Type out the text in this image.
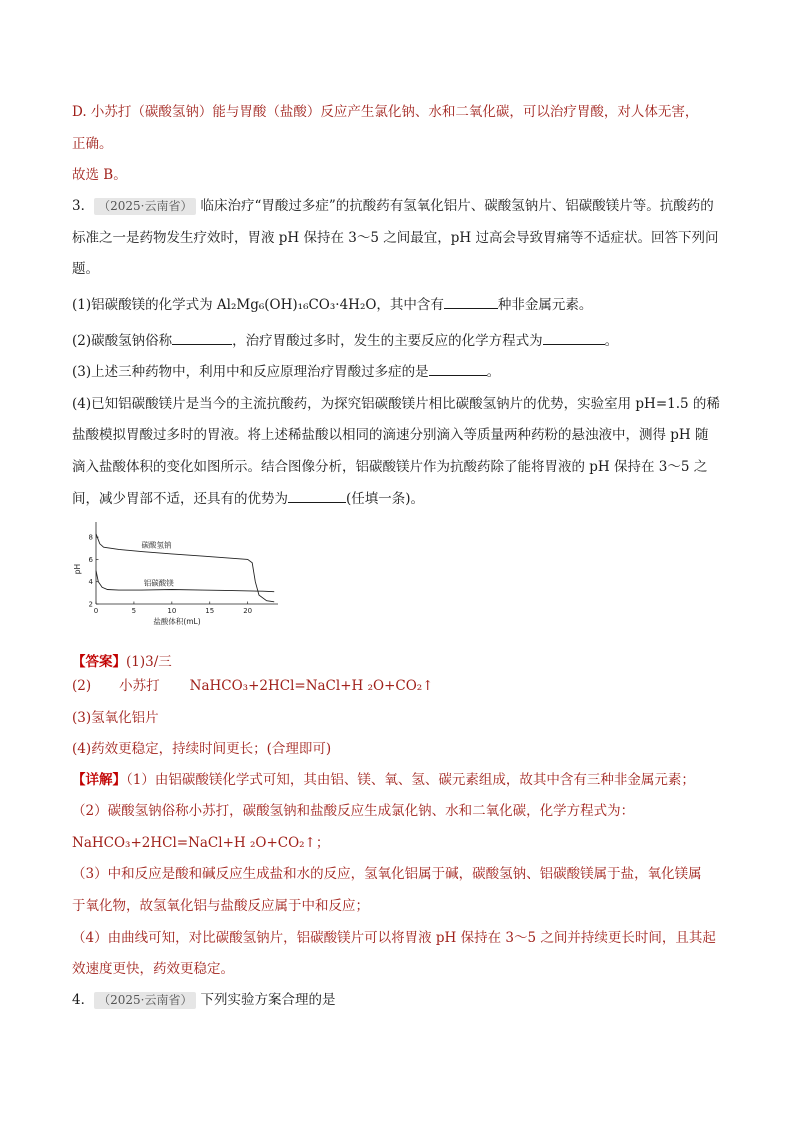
D. 小苏打（碳酸氢钠）能与胃酸（盐酸）反应产生氯化钠、水和二氧化碳，可以治疗胃酸，对人体无害，
正确。
故选 B。
3． （2025·云南省） 临床治疗“胃酸过多症”的抗酸药有氢氧化铝片、碳酸氢钠片、铝碳酸镁片等。抗酸药的
标准之一是药物发生疗效时，胃液 pH 保持在 3～5 之间最宜，pH 过高会导致胃痛等不适症状。回答下列问
题。
(1)铝碳酸镁的化学式为 Al₂Mg₆(OH)₁₆CO₃·4H₂O，其中含有	种非金属元素。
(2)碳酸氢钠俗称	，治疗胃酸过多时，发生的主要反应的化学方程式为	。
(3)上述三种药物中，利用中和反应原理治疗胃酸过多症的是	。
(4)已知铝碳酸镁片是当今的主流抗酸药，为探究铝碳酸镁片相比碳酸氢钠片的优势，实验室用 pH=1.5 的稀
盐酸模拟胃酸过多时的胃液。将上述稀盐酸以相同的滴速分别滴入等质量两种药粉的悬浊液中，测得 pH 随
滴入盐酸体积的变化如图所示。结合图像分析，铝碳酸镁片作为抗酸药除了能将胃液的 pH 保持在 3～5 之
间，减少胃部不适，还具有的优势为	(任填一条)。
0	5	10	15	20
2
4
6
8
盐酸体积(mL)
pH
碳酸氢钠
铝碳酸镁
【答案】(1)3/三
(2) 小苏打 NaHCO₃+2HCl=NaCl+H ₂O+CO₂↑
(3)氢氧化铝片
(4)药效更稳定，持续时间更长；(合理即可)
【详解】（1）由铝碳酸镁化学式可知，其由铝、镁、氧、氢、碳元素组成，故其中含有三种非金属元素；
（2）碳酸氢钠俗称小苏打，碳酸氢钠和盐酸反应生成氯化钠、水和二氧化碳，化学方程式为：
NaHCO₃+2HCl=NaCl+H ₂O+CO₂↑；
（3）中和反应是酸和碱反应生成盐和水的反应，氢氧化铝属于碱，碳酸氢钠、铝碳酸镁属于盐，氧化镁属
于氧化物，故氢氧化铝与盐酸反应属于中和反应；
（4）由曲线可知，对比碳酸氢钠片，铝碳酸镁片可以将胃液 pH 保持在 3～5 之间并持续更长时间，且其起
效速度更快，药效更稳定。
4． （2025·云南省） 下列实验方案合理的是
